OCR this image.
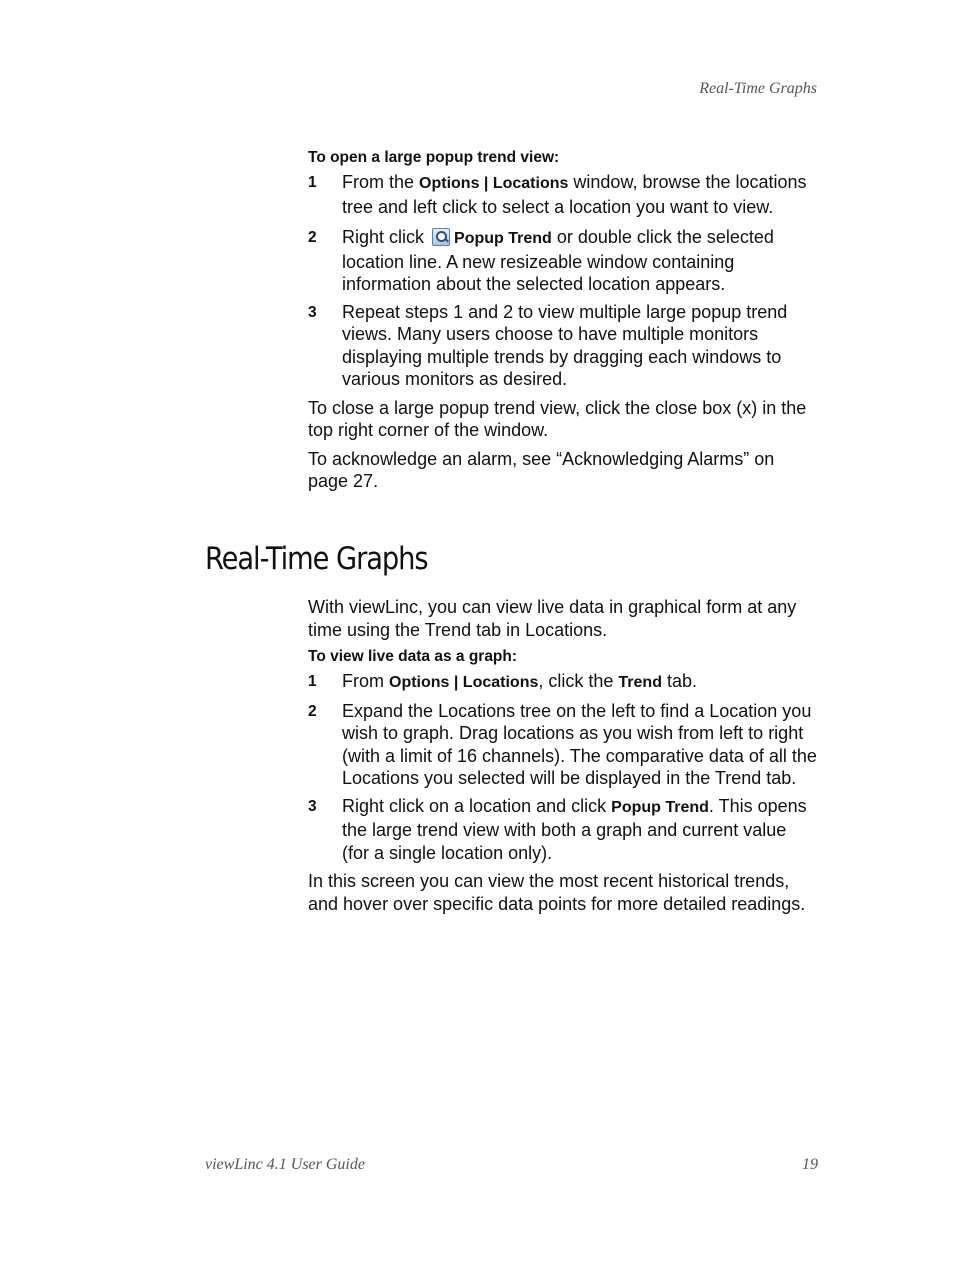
Real-Time Graphs

To open a large popup trend view:

1	From the Options | Locations window, browse the locations tree and left click to select a location you want to view.
2	Right click Popup Trend or double click the selected location line. A new resizeable window containing information about the selected location appears.
3	Repeat steps 1 and 2 to view multiple large popup trend views. Many users choose to have multiple monitors displaying multiple trends by dragging each windows to various monitors as desired.

To close a large popup trend view, click the close box (x) in the top right corner of the window.

To acknowledge an alarm, see “Acknowledging Alarms” on page 27.

Real-Time Graphs

With viewLinc, you can view live data in graphical form at any time using the Trend tab in Locations.

To view live data as a graph:

1	From Options | Locations, click the Trend tab.
2	Expand the Locations tree on the left to find a Location you wish to graph. Drag locations as you wish from left to right (with a limit of 16 channels). The comparative data of all the Locations you selected will be displayed in the Trend tab.
3	Right click on a location and click Popup Trend. This opens the large trend view with both a graph and current value (for a single location only).

In this screen you can view the most recent historical trends, and hover over specific data points for more detailed readings.

viewLinc 4.1 User Guide	19
